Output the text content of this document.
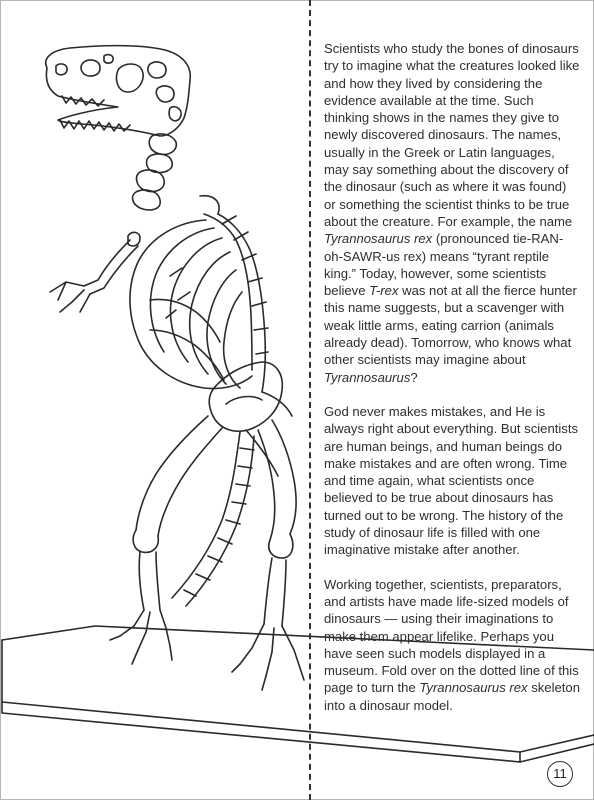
Scientists who study the bones of dinosaurs try to imagine what the creatures looked like and how they lived by considering the evidence available at the time. Such thinking shows in the names they give to newly discovered dinosaurs. The names, usually in the Greek or Latin languages, may say something about the discovery of the dinosaur (such as where it was found) or something the scientist thinks to be true about the creature. For example, the name Tyrannosaurus rex (pronounced tie-RAN-oh-SAWR-us rex) means “tyrant reptile king.” Today, however, some scientists believe T-rex was not at all the fierce hunter this name suggests, but a scavenger with weak little arms, eating carrion (animals already dead). Tomorrow, who knows what other scientists may imagine about Tyrannosaurus?

God never makes mistakes, and He is always right about everything. But scientists are human beings, and human beings do make mistakes and are often wrong. Time and time again, what scientists once believed to be true about dinosaurs has turned out to be wrong. The history of the study of dinosaur life is filled with one imaginative mistake after another.

Working together, scientists, preparators, and artists have made life-sized models of dinosaurs — using their imaginations to make them appear lifelike. Perhaps you have seen such models displayed in a museum. Fold over on the dotted line of this page to turn the Tyrannosaurus rex skeleton into a dinosaur model.

11
